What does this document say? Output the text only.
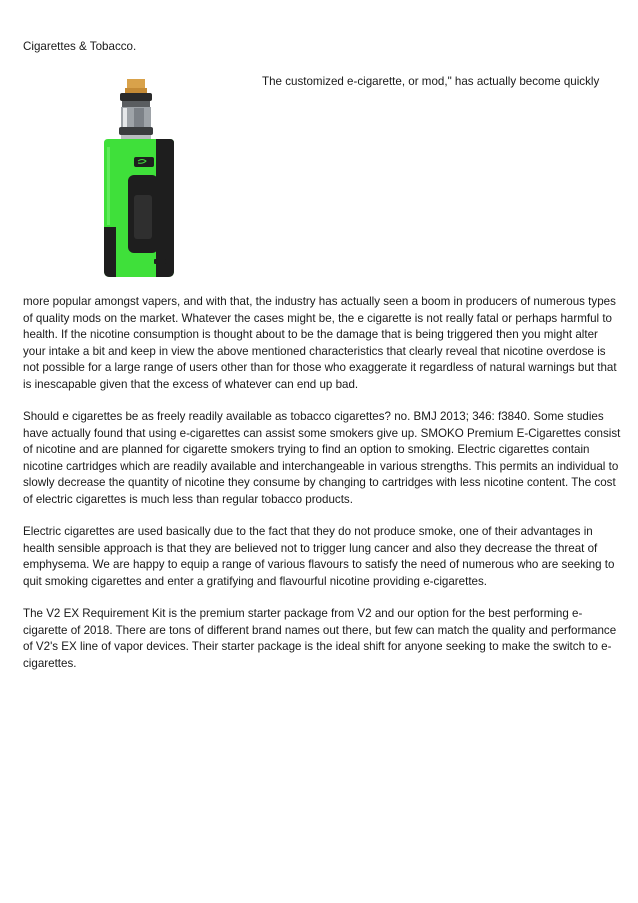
Cigarettes & Tobacco.
The customized e-cigarette, or mod," has actually become quickly

more popular amongst vapers, and with that, the industry has actually seen a boom in producers of numerous types of quality mods on the market. Whatever the cases might be, the e cigarette is not really fatal or perhaps harmful to health. If the nicotine consumption is thought about to be the damage that is being triggered then you might alter your intake a bit and keep in view the above mentioned characteristics that clearly reveal that nicotine overdose is not possible for a large range of users other than for those who exaggerate it regardless of natural warnings but that is inescapable given that the excess of whatever can end up bad.

Should e cigarettes be as freely readily available as tobacco cigarettes? no. BMJ 2013; 346: f3840. Some studies have actually found that using e-cigarettes can assist some smokers give up. SMOKO Premium E-Cigarettes consist of nicotine and are planned for cigarette smokers trying to find an option to smoking. Electric cigarettes contain nicotine cartridges which are readily available and interchangeable in various strengths. This permits an individual to slowly decrease the quantity of nicotine they consume by changing to cartridges with less nicotine content. The cost of electric cigarettes is much less than regular tobacco products.

Electric cigarettes are used basically due to the fact that they do not produce smoke, one of their advantages in health sensible approach is that they are believed not to trigger lung cancer and also they decrease the threat of emphysema. We are happy to equip a range of various flavours to satisfy the need of numerous who are seeking to quit smoking cigarettes and enter a gratifying and flavourful nicotine providing e-cigarettes.

The V2 EX Requirement Kit is the premium starter package from V2 and our option for the best performing e-cigarette of 2018. There are tons of different brand names out there, but few can match the quality and performance of V2's EX line of vapor devices. Their starter package is the ideal shift for anyone seeking to make the switch to e-cigarettes.
